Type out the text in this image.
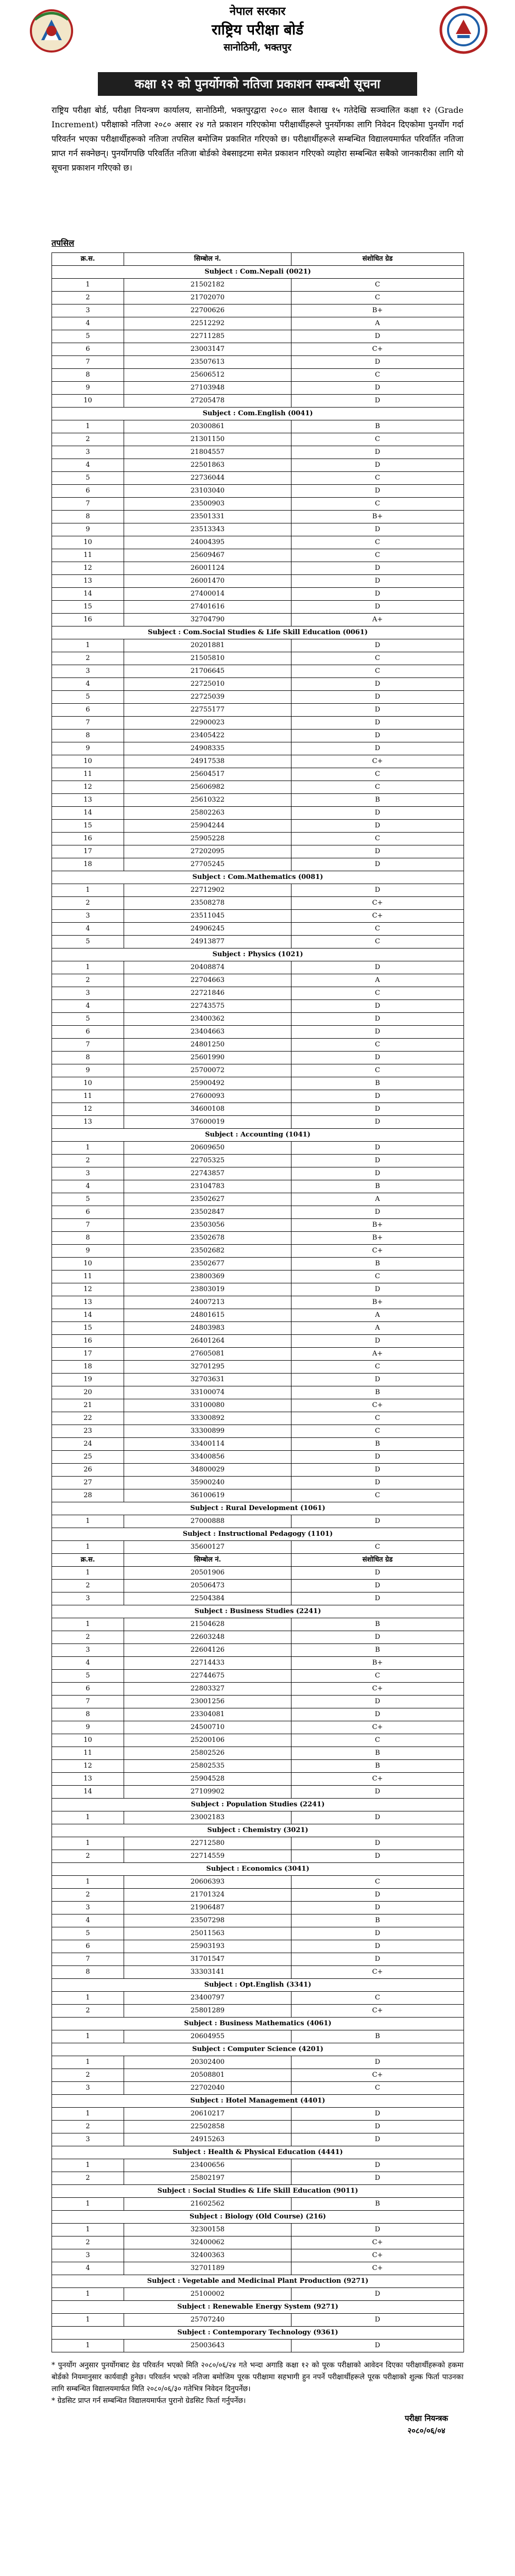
नेपाल सरकार
राष्ट्रिय परीक्षा बोर्ड
सानोठिमी, भक्तपुर
कक्षा १२ को पुनर्योगको नतिजा प्रकाशन सम्बन्धी सूचना
राष्ट्रिय परीक्षा बोर्ड, परीक्षा नियन्त्रण कार्यालय, सानोठिमी, भक्तपुरद्वारा २०८० साल वैशाख १५ गतेदेखि सञ्चालित कक्षा १२ (Grade Increment) परीक्षाको नतिजा २०८० असार २४ गते प्रकाशन गरिएकोमा परीक्षार्थीहरूले पुनर्योगका लागि निवेदन दिएकोमा पुनर्योग गर्दा परिवर्तन भएका परीक्षार्थीहरूको नतिजा तपसिल बमोजिम प्रकाशित गरिएको छ। परीक्षार्थीहरूले सम्बन्धित विद्यालयमार्फत परिवर्तित नतिजा प्राप्त गर्न सक्नेछन्। पुनर्योगपछि परिवर्तित नतिजा बोर्डको वेबसाइटमा समेत प्रकाशन गरिएको व्यहोरा सम्बन्धित सबैको जानकारीका लागि यो सूचना प्रकाशन गरिएको छ।
तपसिल
क्र.स.	सिम्बोल नं.	संशोधित ग्रेड
Subject : Com.Nepali (0021)
1	21502182	C
2	21702070	C
3	22700626	B+
4	22512292	A
5	22711285	D
6	23003147	C+
7	23507613	D
8	25606512	C
9	27103948	D
10	27205478	D
Subject : Com.English (0041)
1	20300861	B
2	21301150	C
3	21804557	D
4	22501863	D
5	22736044	C
6	23103040	D
7	23500903	C
8	23501331	B+
9	23513343	D
10	24004395	C
11	25609467	C
12	26001124	D
13	26001470	D
14	27400014	D
15	27401616	D
16	32704790	A+
Subject : Com.Social Studies & Life Skill Education (0061)
1	20201881	D
2	21505810	C
3	21706645	C
4	22725010	D
5	22725039	D
6	22755177	D
7	22900023	D
8	23405422	D
9	24908335	D
10	24917538	C+
11	25604517	C
12	25606982	C
13	25610322	B
14	25802263	D
15	25904244	D
16	25905228	C
17	27202095	D
18	27705245	D
Subject : Com.Mathematics (0081)
1	22712902	D
2	23508278	C+
3	23511045	C+
4	24906245	C
5	24913877	C
Subject : Physics (1021)
1	20408874	D
2	22704663	A
3	22721846	C
4	22743575	D
5	23400362	D
6	23404663	D
7	24801250	C
8	25601990	D
9	25700072	C
10	25900492	B
11	27600093	D
12	34600108	D
13	37600019	D
Subject : Accounting (1041)
1	20609650	D
2	22705325	D
3	22743857	D
4	23104783	B
5	23502627	A
6	23502847	D
7	23503056	B+
8	23502678	B+
9	23502682	C+
10	23502677	B
11	23800369	C
12	23803019	D
13	24007213	B+
14	24801615	A
15	24803983	A
16	26401264	D
17	27605081	A+
18	32701295	C
19	32703631	D
20	33100074	B
21	33100080	C+
22	33300892	C
23	33300899	C
24	33400114	B
25	33400856	D
26	34800029	D
27	35900240	D
28	36100619	C
Subject : Rural Development (1061)
1	27000888	D
Subject : Instructional Pedagogy (1101)
1	35600127	C
क्र.स.	सिम्बोल नं.	संशोधित ग्रेड
1	20501906	D
2	20506473	D
3	22504384	D
Subject : Business Studies (2241)
1	21504628	B
2	22603248	D
3	22604126	B
4	22714433	B+
5	22744675	C
6	22803327	C+
7	23001256	D
8	23304081	D
9	24500710	C+
10	25200106	C
11	25802526	B
12	25802535	B
13	25904528	C+
14	27109902	D
Subject : Population Studies (2241)
1	23002183	D
Subject : Chemistry (3021)
1	22712580	D
2	22714559	D
Subject : Economics (3041)
1	20606393	C
2	21701324	D
3	21906487	D
4	23507298	B
5	25011563	D
6	25903193	D
7	31701547	D
8	33303141	C+
Subject : Opt.English (3341)
1	23400797	C
2	25801289	C+
Subject : Business Mathematics (4061)
1	20604955	B
Subject : Computer Science (4201)
1	20302400	D
2	20508801	C+
3	22702040	C
Subject : Hotel Management (4401)
1	20610217	D
2	22502858	D
3	24915263	D
Subject : Health & Physical Education (4441)
1	23400656	D
2	25802197	D
Subject : Social Studies & Life Skill Education (9011)
1	21602562	B
Subject : Biology (Old Course) (216)
1	32300158	D
2	32400062	C+
3	32400363	C+
4	32701189	C+
Subject : Vegetable and Medicinal Plant Production (9271)
1	25100002	D
Subject : Renewable Energy System (9271)
1	25707240	D
Subject : Contemporary Technology (9361)
1	25003643	D
* पुनर्योग अनुसार पुनर्योगबाट ग्रेड परिवर्तन भएको मिति २०८०/०६/२४ गते भन्दा अगाडि कक्षा १२ को पूरक परीक्षाको आवेदन दिएका परीक्षार्थीहरूको हकमा बोर्डको नियमानुसार कार्यवाही हुनेछ। परिवर्तन भएको नतिजा बमोजिम पूरक परीक्षामा सहभागी हुन नपर्ने परीक्षार्थीहरूले पूरक परीक्षाको शुल्क फिर्ता पाउनका लागि सम्बन्धित विद्यालयमार्फत मिति २०८०/०६/३० गतेभित्र निवेदन दिनुपर्नेछ।
* ग्रेडसिट प्राप्त गर्न सम्बन्धित विद्यालयमार्फत पुरानो ग्रेडसिट फिर्ता गर्नुपर्नेछ।
परीक्षा नियन्त्रक
२०८०/०६/०४
